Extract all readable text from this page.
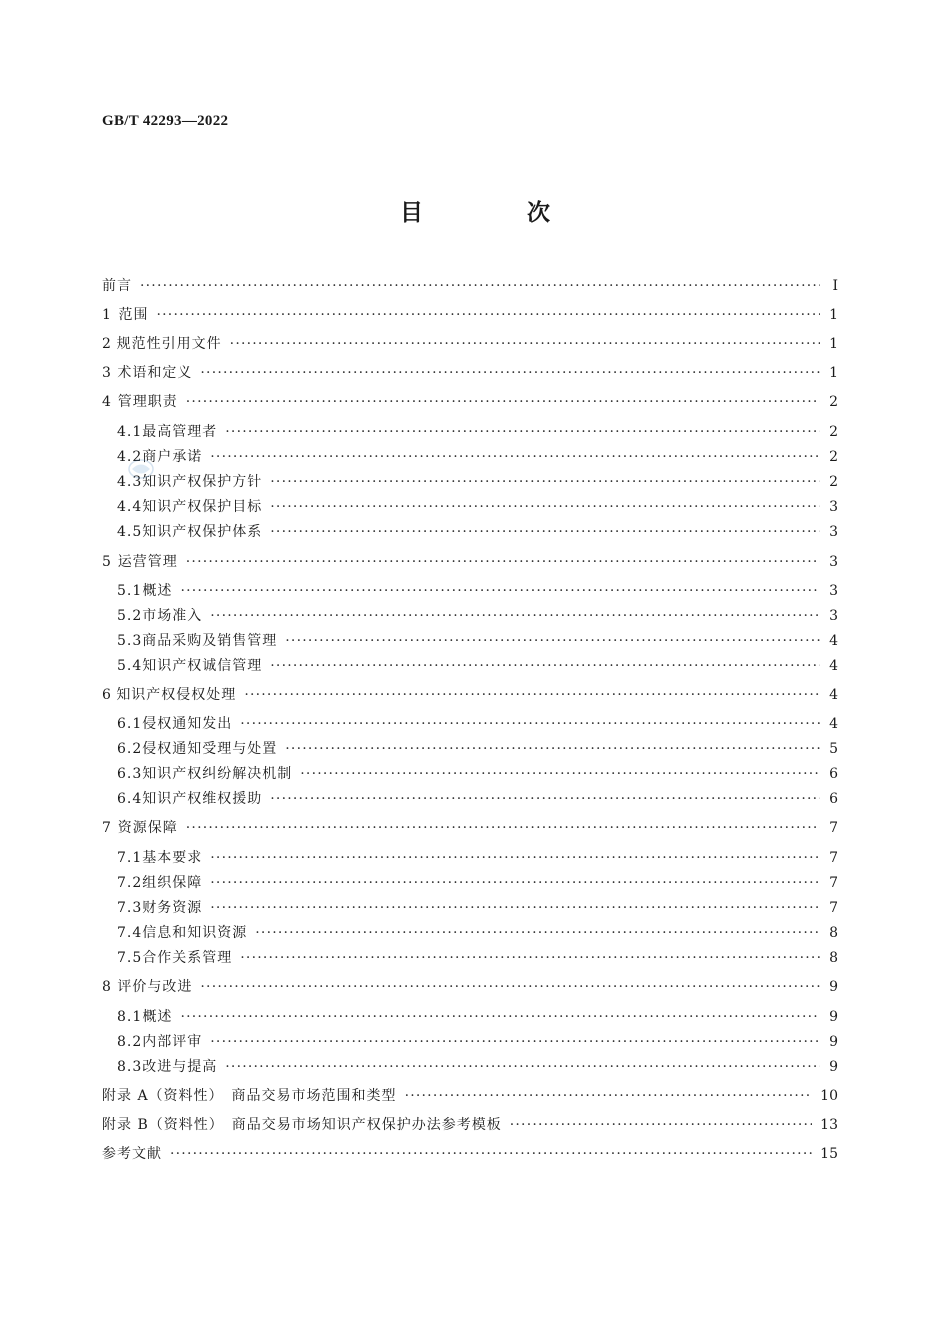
GB/T 42293—2022
目 次
前言 ·····	Ⅰ
1 范围 ·····	1
2 规范性引用文件 ·····	1
3 术语和定义 ·····	1
4 管理职责 ·····	2
4.1 最高管理者 ·····	2
4.2 商户承诺 ·····	2
4.3 知识产权保护方针 ·····	2
4.4 知识产权保护目标 ·····	3
4.5 知识产权保护体系 ·····	3
5 运营管理 ·····	3
5.1 概述 ·····	3
5.2 市场准入 ·····	3
5.3 商品采购及销售管理 ·····	4
5.4 知识产权诚信管理 ·····	4
6 知识产权侵权处理 ·····	4
6.1 侵权通知发出 ·····	4
6.2 侵权通知受理与处置 ·····	5
6.3 知识产权纠纷解决机制 ·····	6
6.4 知识产权维权援助 ·····	6
7 资源保障 ·····	7
7.1 基本要求 ·····	7
7.2 组织保障 ·····	7
7.3 财务资源 ·····	7
7.4 信息和知识资源 ·····	8
7.5 合作关系管理 ·····	8
8 评价与改进 ·····	9
8.1 概述 ·····	9
8.2 内部评审 ·····	9
8.3 改进与提高 ·····	9
附录 A（资料性）　商品交易市场范围和类型 ·····	10
附录 B（资料性）　商品交易市场知识产权保护办法参考模板 ·····	13
参考文献 ·····	15
